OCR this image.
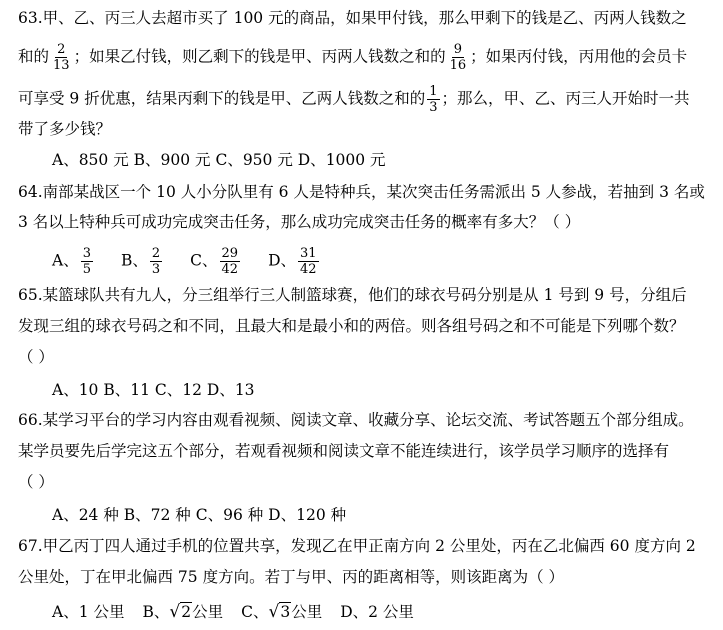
63.甲、乙、丙三人去超市买了 100 元的商品，如果甲付钱，那么甲剩下的钱是乙、丙两人钱数之
和的 $\frac{2}{13}$ ；如果乙付钱，则乙剩下的钱是甲、丙两人钱数之和的 $\frac{9}{16}$ ；如果丙付钱，丙用他的会员卡
可享受 9 折优惠，结果丙剩下的钱是甲、乙两人钱数之和的 $\frac{1}{3}$ ；那么，甲、乙、丙三人开始时一共
带了多少钱？
A、850 元 B、900 元 C、950 元 D、1000 元
64.南部某战区一个 10 人小分队里有 6 人是特种兵，某次突击任务需派出 5 人参战，若抽到 3 名或
3 名以上特种兵可成功完成突击任务，那么成功完成突击任务的概率有多大？（ ）
A、 $\frac{3}{5}$ B、 $\frac{2}{3}$ C、 $\frac{29}{42}$ D、 $\frac{31}{42}$
65.某篮球队共有九人，分三组举行三人制篮球赛，他们的球衣号码分别是从 1 号到 9 号，分组后
发现三组的球衣号码之和不同，且最大和是最小和的两倍。则各组号码之和不可能是下列哪个数？
（ ）
A、10 B、11 C、12 D、13
66.某学习平台的学习内容由观看视频、阅读文章、收藏分享、论坛交流、考试答题五个部分组成。
某学员要先后学完这五个部分，若观看视频和阅读文章不能连续进行，该学员学习顺序的选择有
（ ）
A、24 种 B、72 种 C、96 种 D、120 种
67.甲乙丙丁四人通过手机的位置共享，发现乙在甲正南方向 2 公里处，丙在乙北偏西 60 度方向 2
公里处，丁在甲北偏西 75 度方向。若丁与甲、丙的距离相等，则该距离为（ ）
A、1 公里 B、√2公里 C、√3公里 D、2 公里
